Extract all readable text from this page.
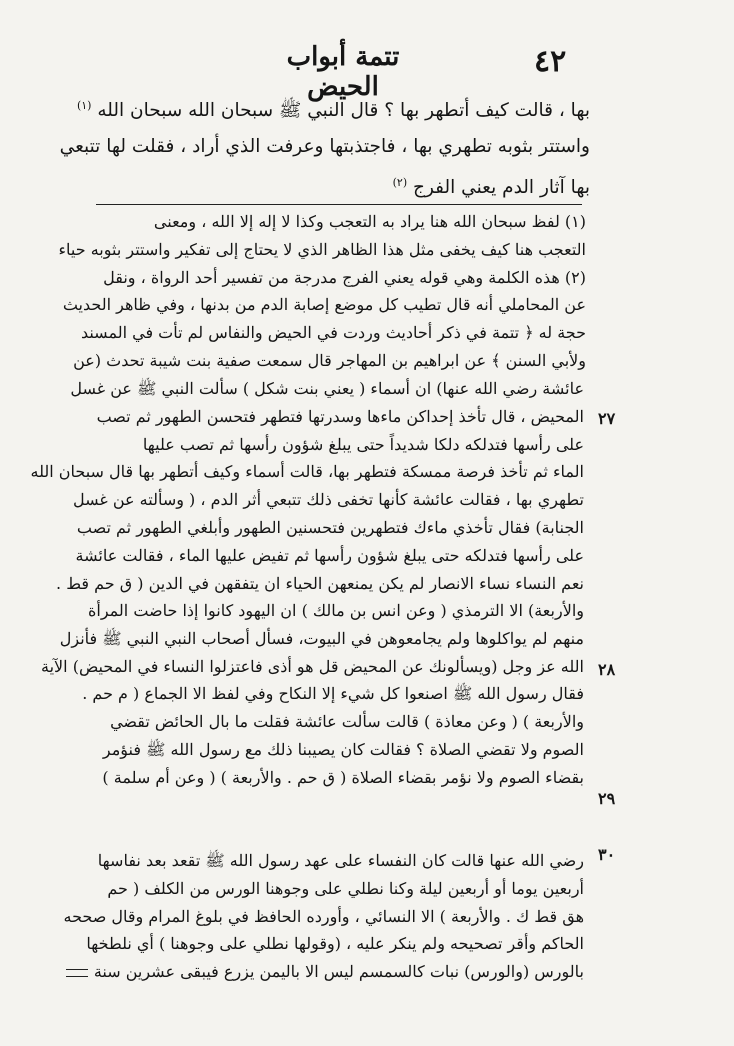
٤٢
تتمة أبواب الحيض
بها ، قالت كيف أتطهر بها ؟ قال النبي ﷺ سبحان الله سبحان الله $^{(١)}$
واستتر بثوبه تطهري بها ، فاجتذبتها وعرفت الذي أراد ، فقلت لها تتبعي
بها آثار الدم يعني الفرج $^{(٢)}$
(١) لفظ سبحان الله هنا يراد به التعجب وكذا لا إله إلا الله ، ومعنى
التعجب هنا كيف يخفى مثل هذا الظاهر الذي لا يحتاج إلى تفكير واستتر بثوبه حياء
(٢) هذه الكلمة وهي قوله يعني الفرج مدرجة من تفسير أحد الرواة ، ونقل
عن المحاملي أنه قال تطيب كل موضع إصابة الدم من بدنها ، وفي ظاهر الحديث
حجة له ﴿ تتمة في ذكر أحاديث وردت في الحيض والنفاس لم تأت في المسند
ولأبي السنن ﴾ عن ابراهيم بن المهاجر قال سمعت صفية بنت شيبة تحدث (عن
٢٧
عائشة رضي الله عنها) ان أسماء ( يعني بنت شكل ) سألت النبي ﷺ عن غسل
المحيض ، قال تأخذ إحداكن ماءها وسدرتها فتطهر فتحسن الطهور ثم تصب
على رأسها فتدلكه دلكا شديداً حتى يبلغ شؤون رأسها ثم تصب عليها
الماء ثم تأخذ فرصة ممسكة فتطهر بها، قالت أسماء وكيف أتطهر بها قال سبحان الله
تطهري بها ، فقالت عائشة كأنها تخفى ذلك تتبعي أثر الدم ، ( وسألته عن غسل
الجنابة) فقال تأخذي ماءك فتطهرين فتحسنين الطهور وأبلغي الطهور ثم تصب
على رأسها فتدلكه حتى يبلغ شؤون رأسها ثم تفيض عليها الماء ، فقالت عائشة
نعم النساء نساء الانصار لم يكن يمنعهن الحياء ان يتفقهن في الدين ( ق حم قط .
٢٨
والأربعة) الا الترمذي ( وعن انس بن مالك ) ان اليهود كانوا إذا حاضت المرأة
منهم لم يواكلوها ولم يجامعوهن في البيوت، فسأل أصحاب النبي النبي ﷺ فأنزل
الله عز وجل (ويسألونك عن المحيض قل هو أذى فاعتزلوا النساء في المحيض) الآية
فقال رسول الله ﷺ اصنعوا كل شيء إلا النكاح وفي لفظ الا الجماع ( م حم .
٢٩
والأربعة ) ( وعن معاذة ) قالت سألت عائشة فقلت ما بال الحائض تقضي
الصوم ولا تقضي الصلاة ؟ فقالت كان يصيبنا ذلك مع رسول الله ﷺ فنؤمر
بقضاء الصوم ولا نؤمر بقضاء الصلاة ( ق حم . والأربعة ) ( وعن أم سلمة )
٣٠
رضي الله عنها قالت كان النفساء على عهد رسول الله ﷺ تقعد بعد نفاسها
أربعين يوما أو أربعين ليلة وكنا نطلي على وجوهنا الورس من الكلف ( حم
هق قط ك . والأربعة ) الا النسائي ، وأورده الحافظ في بلوغ المرام وقال صححه
الحاكم وأقر تصحيحه ولم ينكر عليه ، (وقولها نطلي على وجوهنا ) أي نلطخها
بالورس (والورس) نبات كالسمسم ليس الا باليمن يزرع فيبقى عشرين سنة
